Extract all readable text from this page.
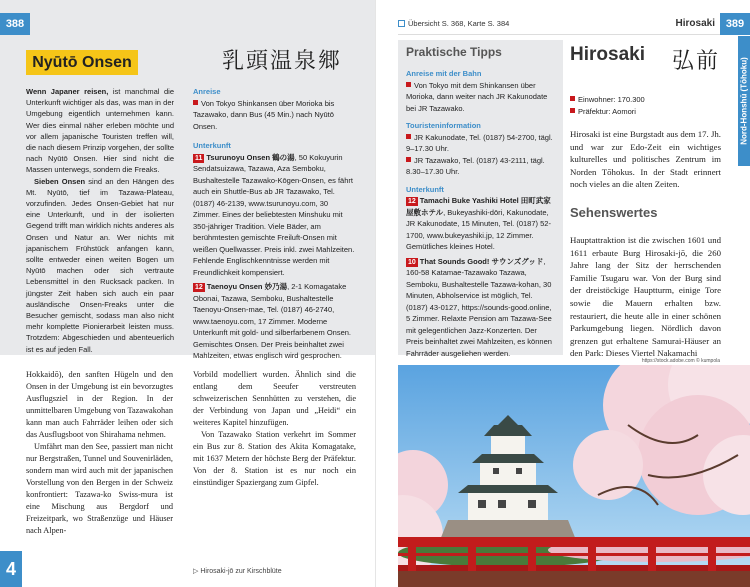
388
Nyūtō Onsen	乳頭温泉郷

Wenn Japaner reisen, ist manchmal die Unterkunft wichtiger als das, was man in der Umgebung eigentlich unternehmen kann. Wer dies einmal näher erleben möchte und vor allem japanische Touristen treffen will, die nach diesem Prinzip vorgehen, der sollte nach Nyūtō Onsen. Hier sind nicht die Massen unterwegs, sondern die Freaks.

Sieben Onsen sind an den Hängen des Mt. Nyūtō, tief im Tazawa-Plateau, vorzufinden. Jedes Onsen-Gebiet hat nur eine Unterkunft, und in der isolierten Gegend trifft man wirklich nichts anderes als Onsen und Natur an. Wer nichts mit japanischem Frühstück anfangen kann, sollte entweder einen weiten Bogen um Nyūtō machen oder sich vertraute Lebensmittel in den Rucksack packen. In jüngster Zeit haben sich auch ein paar ausländische Onsen-Freaks unter die Besucher gemischt, sodass man also nicht mehr komplette Pionierarbeit leisten muss. Trotzdem: Abgeschieden und abenteuerlich ist es auf jeden Fall.

Anreise
Von Tokyo Shinkansen über Morioka bis Tazawako, dann Bus (45 Min.) nach Nyūtō Onsen.
Unterkunft
11 Tsurunoyu Onsen 鶴の湯, 50 Kokuyurin Sendatsuizawa, Tazawa, Aza Semboku, Bushaltestelle Tazawako-Kōgen-Onsen, es fährt auch ein Shuttle-Bus ab JR Tazawako, Tel. (0187) 46-2139, www.tsurunoyu.com, 30 Zimmer. Eines der beliebtesten Minshuku mit 350-jähriger Tradition. Viele Bäder, am berühmtesten gemischte Freiluft-Onsen mit weißen Quellwasser. Preis inkl. zwei Mahlzeiten. Fehlende Englischkenntnisse werden mit Freundlichkeit kompensiert.
12 Taenoyu Onsen 妙乃湯, 2-1 Komagatake Obonai, Tazawa, Semboku, Bushaltestelle Taenoyu-Onsen-mae, Tel. (0187) 46-2740, www.taenoyu.com, 17 Zimmer. Moderne Unterkunft mit gold- und silberfarbenem Onsen. Gemischtes Onsen. Der Preis beinhaltet zwei Mahlzeiten, etwas englisch wird gesprochen.

Hokkaidō), den sanften Hügeln und den Onsen in der Umgebung ist ein bevorzugtes Ausflugsziel in der Region. In der unmittelbaren Umgebung von Tazawakohan kann man auch Fahrräder leihen oder sich das Ausflugsboot von Shirahama nehmen.

Umfährt man den See, passiert man nicht nur Bergstraßen, Tunnel und Souvenirläden, sondern man wird auch mit der japanischen Vorstellung von den Bergen in der Schweiz konfrontiert: Tazawa-ko Swiss-mura ist eine Mischung aus Bergdorf und Freizeitpark, wo Straßenzüge und Häuser nach Alpen-

Vorbild modelliert wurden. Ähnlich sind die entlang dem Seeufer verstreuten schweizerischen Sennhütten zu verstehen, die der Verbindung von Japan und „Heidi“ ein weiteres Kapitel hinzufügen.

Von Tazawako Station verkehrt im Sommer ein Bus zur 8. Station des Akita Komagatake, mit 1637 Metern der höchste Berg der Präfektur. Von der 8. Station ist es nur noch ein einstündiger Spaziergang zum Gipfel.

4	▷ Hirosaki-jō zur Kirschblüte
Übersicht S. 368, Karte S. 384	Hirosaki 389
Nord-Honshū (Tōhoku)
Praktische Tipps
Anreise mit der Bahn
Von Tokyo mit dem Shinkansen über Morioka, dann weiter nach JR Kakunodate bei JR Tazawako.
Touristeninformation
JR Kakunodate, Tel. (0187) 54-2700, tägl. 9–17.30 Uhr.
JR Tazawako, Tel. (0187) 43-2111, tägl. 8.30–17.30 Uhr.
Unterkunft
12 Tamachi Buke Yashiki Hotel 田町武家屋敷ホテル, Bukeyashiki-dōri, Kakunodate, JR Kakunodate, 15 Minuten, Tel. (0187) 52-1700, www.bukeyashiki.jp, 12 Zimmer. Gemütliches kleines Hotel.
10 That Sounds Good! サウンズグッド, 160-58 Katamae-Tazawako Tazawa, Semboku, Bushaltestelle Tazawa-kohan, 30 Minuten, Abholservice ist möglich, Tel. (0187) 43-0127, https://sounds-good.online, 5 Zimmer. Relaxte Pension am Tazawa-See mit gelegentlichen Jazz-Konzerten. Der Preis beinhaltet zwei Mahlzeiten, es können Fahrräder ausgeliehen werden.
Hirosaki 弘前
Einwohner: 170.300
Präfektur: Aomori
Hirosaki ist eine Burgstadt aus dem 17. Jh. und war zur Edo-Zeit ein wichtiges kulturelles und politisches Zentrum im Norden Tōhokus. In der Stadt erinnert noch vieles an die alten Zeiten.
Sehenswertes
Hauptattraktion ist die zwischen 1601 und 1611 erbaute Burg Hirosaki-jō, die 260 Jahre lang der Sitz der herrschenden Familie Tsugaru war. Von der Burg sind der dreistöckige Hauptturm, einige Tore sowie die Mauern erhalten bzw. restauriert, die heute alle in einer schönen Parkumgebung liegen. Nördlich davon grenzen gut erhaltene Samurai-Häuser an den Park: Dieses Viertel Nakamachi
https://stock.adobe.com © kumpola
